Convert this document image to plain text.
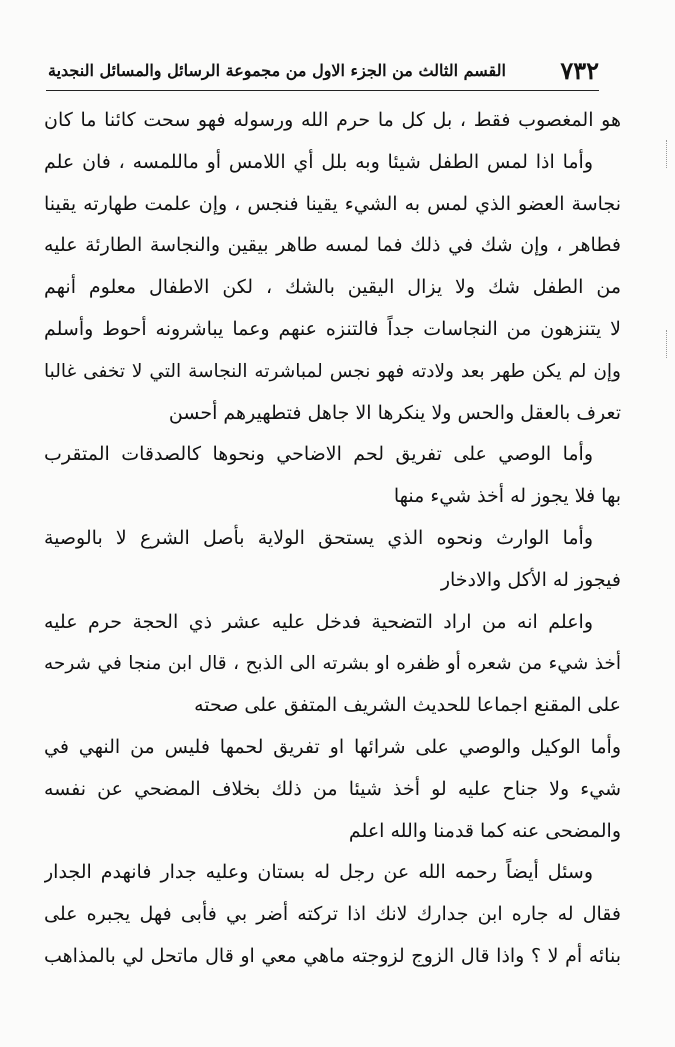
٧٣٢
القسم الثالث من الجزء الاول من مجموعة الرسائل والمسائل النجدية
هو المغصوب فقط ، بل كل ما حرم الله ورسوله فهو سحت كائنا ما كان
وأما اذا لمس الطفل شيئا وبه بلل أي اللامس أو ماللمسه ، فان علم
نجاسة العضو الذي لمس به الشيء يقينا فنجس ، وإن علمت طهارته يقينا
فطاهر ، وإن شك في ذلك فما لمسه طاهر بيقين والنجاسة الطارئة عليه
من الطفل شك ولا يزال اليقين بالشك ، لكن الاطفال معلوم أنهم
لا يتنزهون من النجاسات جداً فالتنزه عنهم وعما يباشرونه أحوط وأسلم
وإن لم يكن طهر بعد ولادته فهو نجس لمباشرته النجاسة التي لا تخفى غالبا
تعرف بالعقل والحس ولا ينكرها الا جاهل فتطهيرهم أحسن
وأما الوصي على تفريق لحم الاضاحي ونحوها كالصدقات المتقرب
بها فلا يجوز له أخذ شيء منها
وأما الوارث ونحوه الذي يستحق الولاية بأصل الشرع لا بالوصية
فيجوز له الأكل والادخار
واعلم انه من اراد التضحية فدخل عليه عشر ذي الحجة حرم عليه
أخذ شيء من شعره أو ظفره او بشرته الى الذبح ، قال ابن منجا في شرحه
على المقنع اجماعا للحديث الشريف المتفق على صحته
وأما الوكيل والوصي على شرائها او تفريق لحمها فليس من النهي في
شيء ولا جناح عليه لو أخذ شيئا من ذلك بخلاف المضحي عن نفسه
والمضحى عنه كما قدمنا والله اعلم
وسئل أيضاً رحمه الله عن رجل له بستان وعليه جدار فانهدم الجدار
فقال له جاره ابن جدارك لانك اذا تركته أضر بي فأبى فهل يجبره على
بنائه أم لا ؟ واذا قال الزوج لزوجته ماهي معي او قال ماتحل لي بالمذاهب
